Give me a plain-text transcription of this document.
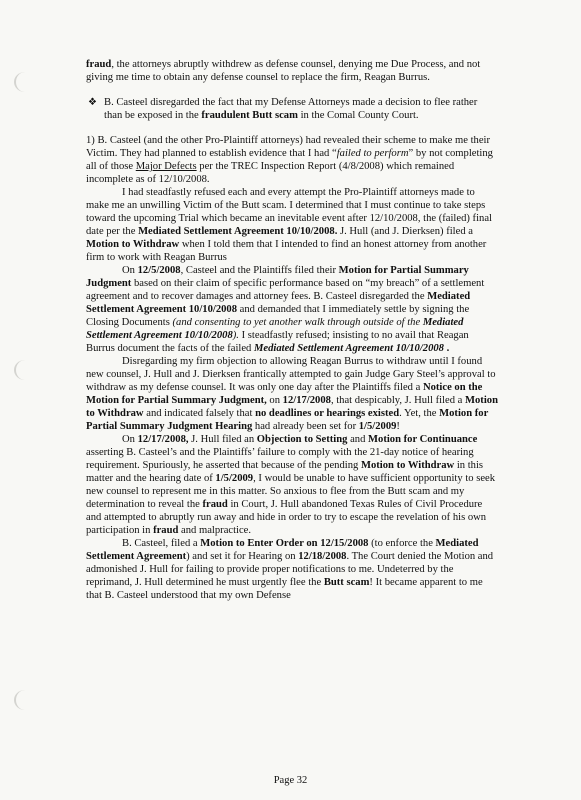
fraud, the attorneys abruptly withdrew as defense counsel, denying me Due Process, and not giving me time to obtain any defense counsel to replace the firm, Reagan Burrus.

❖ B. Casteel disregarded the fact that my Defense Attorneys made a decision to flee rather than be exposed in the fraudulent Butt scam in the Comal County Court.

1) B. Casteel (and the other Pro-Plaintiff attorneys) had revealed their scheme to make me their Victim. They had planned to establish evidence that I had “failed to perform” by not completing all of those Major Defects per the TREC Inspection Report (4/8/2008) which remained incomplete as of 12/10/2008.

I had steadfastly refused each and every attempt the Pro-Plaintiff attorneys made to make me an unwilling Victim of the Butt scam. I determined that I must continue to take steps toward the upcoming Trial which became an inevitable event after 12/10/2008, the (failed) final date per the Mediated Settlement Agreement 10/10/2008. J. Hull (and J. Dierksen) filed a Motion to Withdraw when I told them that I intended to find an honest attorney from another firm to work with Reagan Burrus

On 12/5/2008, Casteel and the Plaintiffs filed their Motion for Partial Summary Judgment based on their claim of specific performance based on “my breach” of a settlement agreement and to recover damages and attorney fees. B. Casteel disregarded the Mediated Settlement Agreement 10/10/2008 and demanded that I immediately settle by signing the Closing Documents (and consenting to yet another walk through outside of the Mediated Settlement Agreement 10/10/2008). I steadfastly refused; insisting to no avail that Reagan Burrus document the facts of the failed Mediated Settlement Agreement 10/10/2008 .

Disregarding my firm objection to allowing Reagan Burrus to withdraw until I found new counsel, J. Hull and J. Dierksen frantically attempted to gain Judge Gary Steel’s approval to withdraw as my defense counsel. It was only one day after the Plaintiffs filed a Notice on the Motion for Partial Summary Judgment, on 12/17/2008, that despicably, J. Hull filed a Motion to Withdraw and indicated falsely that no deadlines or hearings existed. Yet, the Motion for Partial Summary Judgment Hearing had already been set for 1/5/2009!

On 12/17/2008, J. Hull filed an Objection to Setting and Motion for Continuance asserting B. Casteel’s and the Plaintiffs’ failure to comply with the 21-day notice of hearing requirement. Spuriously, he asserted that because of the pending Motion to Withdraw in this matter and the hearing date of 1/5/2009, I would be unable to have sufficient opportunity to seek new counsel to represent me in this matter. So anxious to flee from the Butt scam and my determination to reveal the fraud in Court, J. Hull abandoned Texas Rules of Civil Procedure and attempted to abruptly run away and hide in order to try to escape the revelation of his own participation in fraud and malpractice.

B. Casteel, filed a Motion to Enter Order on 12/15/2008 (to enforce the Mediated Settlement Agreement) and set it for Hearing on 12/18/2008. The Court denied the Motion and admonished J. Hull for failing to provide proper notifications to me. Undeterred by the reprimand, J. Hull determined he must urgently flee the Butt scam! It became apparent to me that B. Casteel understood that my own Defense

Page 32
